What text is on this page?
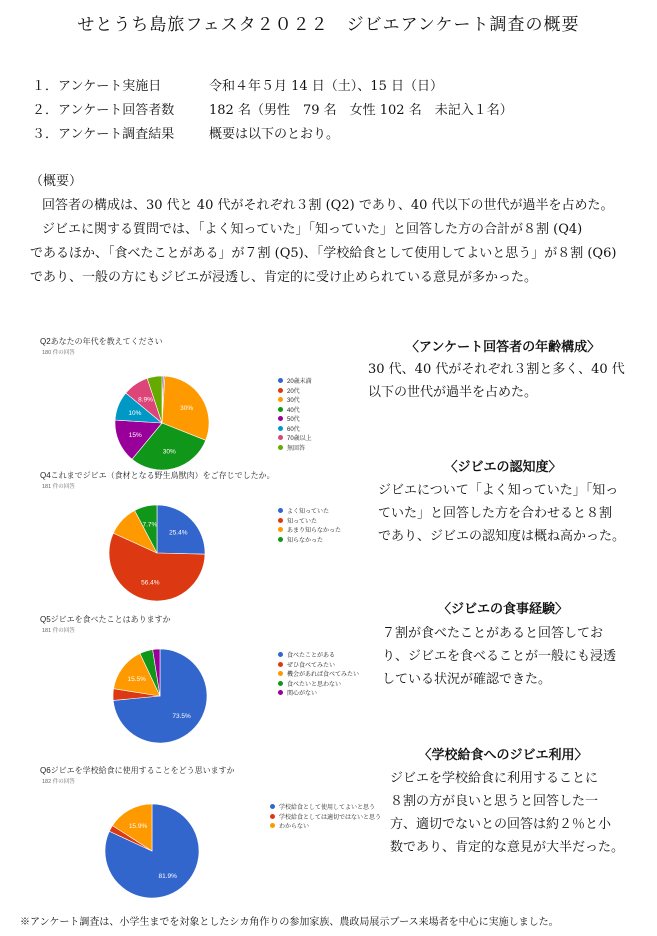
せとうち島旅フェスタ２０２２　ジビエアンケート調査の概要
１．アンケート実施日	令和４年５月 14 日（土）、15 日（日）
２．アンケート回答者数	182 名（男性　79 名　女性 102 名　未記入１名）
３．アンケート調査結果	概要は以下のとおり。
（概要）
回答者の構成は、30 代と 40 代がそれぞれ３割 (Q2) であり、40 代以下の世代が過半を占めた。
ジビエに関する質問では、「よく知っていた」「知っていた」と回答した方の合計が８割 (Q4)
であるほか、「食べたことがある」が７割 (Q5)、「学校給食として使用してよいと思う」が８割 (Q6)
であり、一般の方にもジビエが浸透し、肯定的に受け止められている意見が多かった。
Q2あなたの年代を教えてください
180 件の回答
30%
30%
15%
10%
8.9%
20歳未満
20代
30代
40代
50代
60代
70歳以上
無回答
Q4これまでジビエ（食材となる野生鳥獣肉）をご存じでしたか。
181 件の回答
25.4%
56.4%
7.7%
よく知っていた
知っていた
あまり知らなかった
知らなかった
Q5ジビエを食べたことはありますか
181 件の回答
73.5%
15.5%
食べたことがある
ぜひ食べてみたい
機会があれば食べてみたい
食べたいと思わない
関心がない
Q6ジビエを学校給食に使用することをどう思いますか
182 件の回答
81.9%
15.9%
学校給食として使用してよいと思う
学校給食としては適切ではないと思う
わからない
〈アンケート回答者の年齢構成〉
30 代、40 代がそれぞれ３割と多く、40 代
以下の世代が過半を占めた。
〈ジビエの認知度〉
ジビエについて「よく知っていた」「知っ
ていた」と回答した方を合わせると８割
であり、ジビエの認知度は概ね高かった。
〈ジビエの食事経験〉
７割が食べたことがあると回答してお
り、ジビエを食べることが一般にも浸透
している状況が確認できた。
〈学校給食へのジビエ利用〉
ジビエを学校給食に利用することに
８割の方が良いと思うと回答した一
方、適切でないとの回答は約２％と小
数であり、肯定的な意見が大半だった。
※アンケート調査は、小学生までを対象としたシカ角作りの参加家族、農政局展示ブース来場者を中心に実施しました。
